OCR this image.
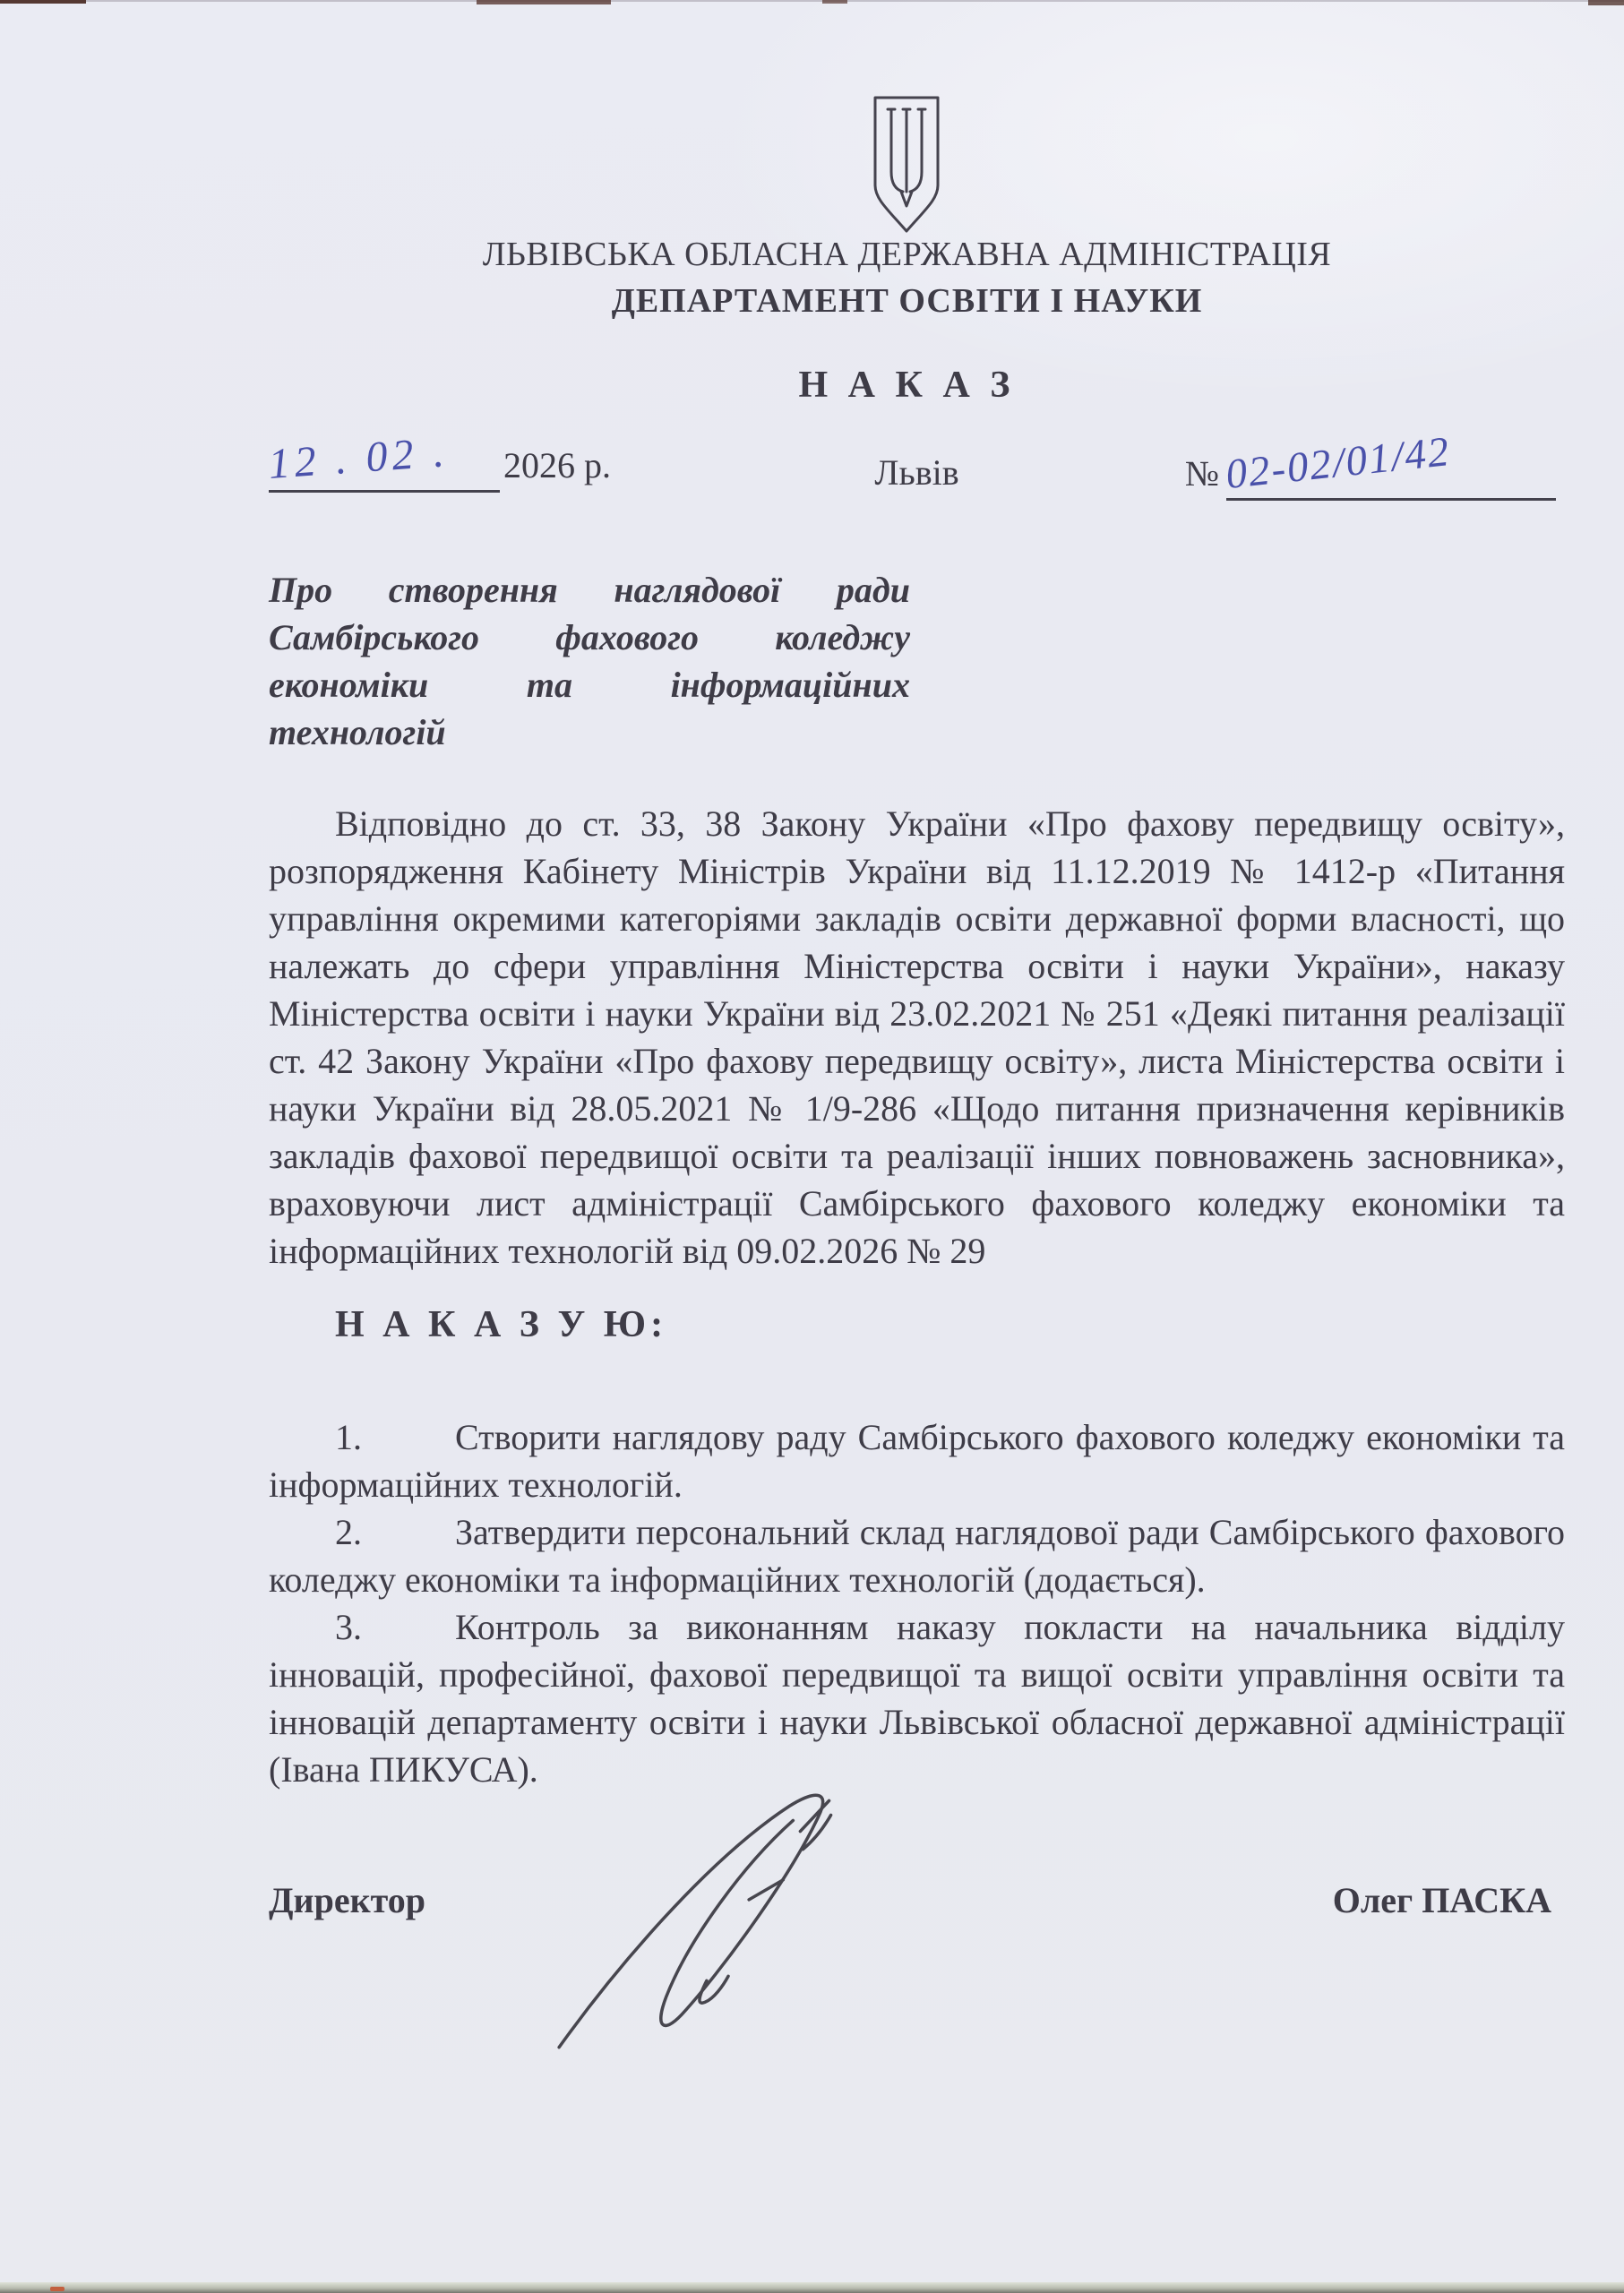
ЛЬВІВСЬКА ОБЛАСНА ДЕРЖАВНА АДМІНІСТРАЦІЯ
ДЕПАРТАМЕНТ ОСВІТИ І НАУКИ
Н А К А З
12 . 02 . 2026 р.	Львів	№ 02-02/01/42
Про створення наглядової ради Самбірського фахового коледжу економіки та інформаційних технологій
Відповідно до ст. 33, 38 Закону України «Про фахову передвищу освіту», розпорядження Кабінету Міністрів України від 11.12.2019 № 1412-р «Питання управління окремими категоріями закладів освіти державної форми власності, що належать до сфери управління Міністерства освіти і науки України», наказу Міністерства освіти і науки України від 23.02.2021 № 251 «Деякі питання реалізації ст. 42 Закону України «Про фахову передвищу освіту», листа Міністерства освіти і науки України від 28.05.2021 № 1/9-286 «Щодо питання призначення керівників закладів фахової передвищої освіти та реалізації інших повноважень засновника», враховуючи лист адміністрації Самбірського фахового коледжу економіки та інформаційних технологій від 09.02.2026 № 29
Н А К А З У Ю:

1.	Створити наглядову раду Самбірського фахового коледжу економіки та інформаційних технологій.

2.	Затвердити персональний склад наглядової ради Самбірського фахового коледжу економіки та інформаційних технологій (додається).

3.	Контроль за виконанням наказу покласти на начальника відділу інновацій, професійної, фахової передвищої та вищої освіти управління освіти та інновацій департаменту освіти і науки Львівської обласної державної адміністрації (Івана ПИКУСА).

Директор	Олег ПАСКА
